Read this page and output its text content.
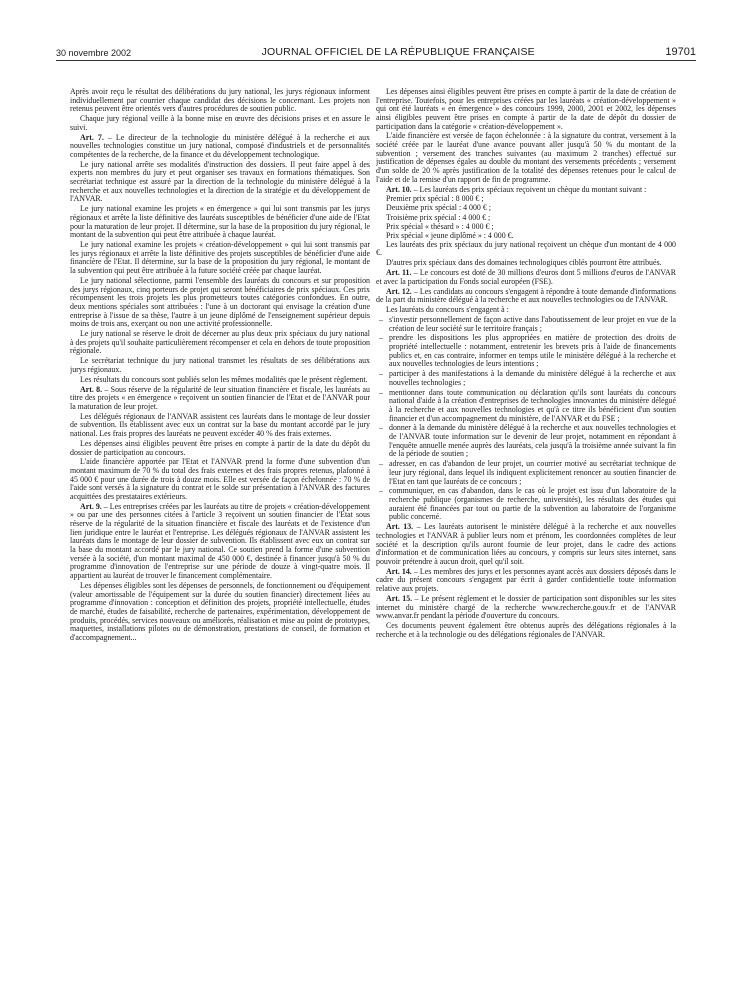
30 novembre 2002	JOURNAL OFFICIEL DE LA RÉPUBLIQUE FRANÇAISE	19701

Après avoir reçu le résultat des délibérations du jury national, les jurys régionaux informent individuellement par courrier chaque candidat des décisions le concernant. Les projets non retenus peuvent être orientés vers d'autres procédures de soutien public.

Chaque jury régional veille à la bonne mise en œuvre des décisions prises et en assure le suivi.

Art. 7. – Le directeur de la technologie du ministère délégué à la recherche et aux nouvelles technologies constitue un jury national, composé d'industriels et de personnalités compétentes de la recherche, de la finance et du développement technologique.

Le jury national arrête ses modalités d'instruction des dossiers. Il peut faire appel à des experts non membres du jury et peut organiser ses travaux en formations thématiques. Son secrétariat technique est assuré par la direction de la technologie du ministère délégué à la recherche et aux nouvelles technologies et la direction de la stratégie et du développement de l'ANVAR.

Le jury national examine les projets « en émergence » qui lui sont transmis par les jurys régionaux et arrête la liste définitive des lauréats susceptibles de bénéficier d'une aide de l'Etat pour la maturation de leur projet. Il détermine, sur la base de la proposition du jury régional, le montant de la subvention qui peut être attribuée à chaque lauréat.

Le jury national examine les projets « création-développement » qui lui sont transmis par les jurys régionaux et arrête la liste définitive des projets susceptibles de bénéficier d'une aide financière de l'Etat. Il détermine, sur la base de la proposition du jury régional, le montant de la subvention qui peut être attribuée à la future société créée par chaque lauréat.

Le jury national sélectionne, parmi l'ensemble des lauréats du concours et sur proposition des jurys régionaux, cinq porteurs de projet qui seront bénéficiaires de prix spéciaux. Ces prix récompensent les trois projets les plus prometteurs toutes catégories confondues. En outre, deux mentions spéciales sont attribuées : l'une à un doctorant qui envisage la création d'une entreprise à l'issue de sa thèse, l'autre à un jeune diplômé de l'enseignement supérieur depuis moins de trois ans, exerçant ou non une activité professionnelle.

Le jury national se réserve le droit de décerner au plus deux prix spéciaux du jury national à des projets qu'il souhaite particulièrement récompenser et cela en dehors de toute proposition régionale.

Le secrétariat technique du jury national transmet les résultats de ses délibérations aux jurys régionaux.

Les résultats du concours sont publiés selon les mêmes modalités que le présent règlement.

Art. 8. – Sous réserve de la régularité de leur situation financière et fiscale, les lauréats au titre des projets « en émergence » reçoivent un soutien financier de l'Etat et de l'ANVAR pour la maturation de leur projet.

Les délégués régionaux de l'ANVAR assistent ces lauréats dans le montage de leur dossier de subvention. Ils établissent avec eux un contrat sur la base du montant accordé par le jury national. Les frais propres des lauréats ne peuvent excéder 40 % des frais externes.

Les dépenses ainsi éligibles peuvent être prises en compte à partir de la date du dépôt du dossier de participation au concours.

L'aide financière apportée par l'Etat et l'ANVAR prend la forme d'une subvention d'un montant maximum de 70 % du total des frais externes et des frais propres retenus, plafonné à 45 000 € pour une durée de trois à douze mois. Elle est versée de façon échelonnée : 70 % de l'aide sont versés à la signature du contrat et le solde sur présentation à l'ANVAR des factures acquittées des prestataires extérieurs.

Art. 9. – Les entreprises créées par les lauréats au titre de projets « création-développement » ou par une des personnes citées à l'article 3 reçoivent un soutien financier de l'Etat sous réserve de la régularité de la situation financière et fiscale des lauréats et de l'existence d'un lien juridique entre le lauréat et l'entreprise. Les délégués régionaux de l'ANVAR assistent les lauréats dans le montage de leur dossier de subvention. Ils établissent avec eux un contrat sur la base du montant accordé par le jury national. Ce soutien prend la forme d'une subvention versée à la société, d'un montant maximal de 450 000 €, destinée à financer jusqu'à 50 % du programme d'innovation de l'entreprise sur une période de douze à vingt-quatre mois. Il appartient au lauréat de trouver le financement complémentaire.

Les dépenses éligibles sont les dépenses de personnels, de fonctionnement ou d'équipement (valeur amortissable de l'équipement sur la durée du soutien financier) directement liées au programme d'innovation : conception et définition des projets, propriété intellectuelle, études de marché, études de faisabilité, recherche de partenaires, expérimentation, développement de produits, procédés, services nouveaux ou améliorés, réalisation et mise au point de prototypes, maquettes, installations pilotes ou de démonstration, prestations de conseil, de formation et d'accompagnement...

Les dépenses ainsi éligibles peuvent être prises en compte à partir de la date de création de l'entreprise. Toutefois, pour les entreprises créées par les lauréats « création-développement » qui ont été lauréats « en émergence » des concours 1999, 2000, 2001 et 2002, les dépenses ainsi éligibles peuvent être prises en compte à partir de la date de dépôt du dossier de participation dans la catégorie « création-développement ».

L'aide financière est versée de façon échelonnée : à la signature du contrat, versement à la société créée par le lauréat d'une avance pouvant aller jusqu'à 50 % du montant de la subvention ; versement des tranches suivantes (au maximum 2 tranches) effectué sur justification de dépenses égales au double du montant des versements précédents ; versement d'un solde de 20 % après justification de la totalité des dépenses retenues pour le calcul de l'aide et de la remise d'un rapport de fin de programme.

Art. 10. – Les lauréats des prix spéciaux reçoivent un chèque du montant suivant :

Premier prix spécial : 8 000 € ;

Deuxième prix spécial : 4 000 € ;

Troisième prix spécial : 4 000 € ;

Prix spécial « thésard » : 4 000 € ;

Prix spécial « jeune diplômé » : 4 000 €.

Les lauréats des prix spéciaux du jury national reçoivent un chèque d'un montant de 4 000 €.

D'autres prix spéciaux dans des domaines technologiques ciblés pourront être attribués.

Art. 11. – Le concours est doté de 30 millions d'euros dont 5 millions d'euros de l'ANVAR et avec la participation du Fonds social européen (FSE).

Art. 12. – Les candidats au concours s'engagent à répondre à toute demande d'informations de la part du ministère délégué à la recherche et aux nouvelles technologies ou de l'ANVAR.

Les lauréats du concours s'engagent à :

– s'investir personnellement de façon active dans l'aboutissement de leur projet en vue de la création de leur société sur le territoire français ;

– prendre les dispositions les plus appropriées en matière de protection des droits de propriété intellectuelle : notamment, entretenir les brevets pris à l'aide de financements publics et, en cas contraire, informer en temps utile le ministère délégué à la recherche et aux nouvelles technologies de leurs intentions ;

– participer à des manifestations à la demande du ministère délégué à la recherche et aux nouvelles technologies ;

– mentionner dans toute communication ou déclaration qu'ils sont lauréats du concours national d'aide à la création d'entreprises de technologies innovantes du ministère délégué à la recherche et aux nouvelles technologies et qu'à ce titre ils bénéficient d'un soutien financier et d'un accompagnement du ministère, de l'ANVAR et du FSE ;

– donner à la demande du ministère délégué à la recherche et aux nouvelles technologies et de l'ANVAR toute information sur le devenir de leur projet, notamment en répondant à l'enquête annuelle menée auprès des lauréats, cela jusqu'à la troisième année suivant la fin de la période de soutien ;

– adresser, en cas d'abandon de leur projet, un courrier motivé au secrétariat technique de leur jury régional, dans lequel ils indiquent explicitement renoncer au soutien financier de l'Etat en tant que lauréats de ce concours ;

– communiquer, en cas d'abandon, dans le cas où le projet est issu d'un laboratoire de la recherche publique (organismes de recherche, universités), les résultats des études qui auraient été financées par tout ou partie de la subvention au laboratoire de l'organisme public concerné.

Art. 13. – Les lauréats autorisent le ministère délégué à la recherche et aux nouvelles technologies et l'ANVAR à publier leurs nom et prénom, les coordonnées complètes de leur société et la description qu'ils auront fournie de leur projet, dans le cadre des actions d'information et de communication liées au concours, y compris sur leurs sites internet, sans pouvoir prétendre à aucun droit, quel qu'il soit.

Art. 14. – Les membres des jurys et les personnes ayant accès aux dossiers déposés dans le cadre du présent concours s'engagent par écrit à garder confidentielle toute information relative aux projets.

Art. 15. – Le présent règlement et le dossier de participation sont disponibles sur les sites internet du ministère chargé de la recherche www.recherche.gouv.fr et de l'ANVAR www.anvar.fr pendant la période d'ouverture du concours.

Ces documents peuvent également être obtenus auprès des délégations régionales à la recherche et à la technologie ou des délégations régionales de l'ANVAR.
